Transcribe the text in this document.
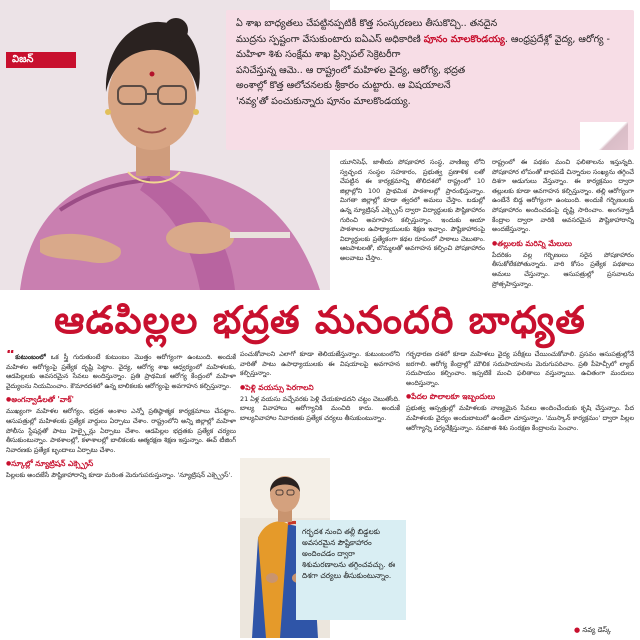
విజన్

ఏ శాఖ బాధ్యతలు చేపట్టినప్పటికీ కొత్త సంస్కరణలు తీసుకొచ్చి.. తనదైన
ముద్రను స్పష్టంగా వేసుకుంటారు ఐఏఎస్ అధికారిణి పూనం మాలకొండయ్య. ఆంధ్రప్రదేశ్లో వైద్య, ఆరోగ్య - మహిళా శిశు సంక్షేమ శాఖ ప్రిన్సిపల్ సెక్రెటరీగా
పనిచేస్తున్న ఆమె.. ఆ రాష్ట్రంలో మహిళల వైద్య, ఆరోగ్య, భద్రత
అంశాల్లో కొత్త ఆలోచనలకు శ్రీకారం చుట్టారు. ఆ విషయాలనే
'నవ్య'తో పంచుకున్నారు పూనం మాలకొండయ్య.

యూనిసెఫ్, జాతీయ పోషకాహార సంస్థ, వాణిజ్య లోని స్వచ్ఛంద సంస్థల సహకారం, ప్రభుత్వ ప్రణాళిక లతో చేపట్టిన ఈ కార్యక్రమాన్ని తొలిదశలో రాష్ట్రంలో 10 జిల్లాల్లోని 100 ప్రాథమిక పాఠశాలల్లో ప్రారంభిస్తున్నాం. మిగతా జిల్లాల్లో కూడా త్వరలో అమలు చేస్తాం. బడుల్లో ఉన్న న్యూట్రిషన్ ఎక్స్ప్రెస్ ద్వారా విద్యార్థులకు పౌష్టికాహారం గురించి అవగాహన కల్పిస్తున్నాం. ఇందుకు ఆయా పాఠశాలల ఉపాధ్యాయులకు శిక్షణ ఇచ్చాం. పౌష్టికాహారంపై విద్యార్థులకు ప్రత్యేకంగా కథల రూపంలో పాఠాలు చెబుతాం. ఆటపాటలతో, బొమ్మలతో అవగాహన కల్పించి పోషకాహారం అలవాటు చేస్తాం.
రాష్ట్రంలో ఈ పథకం మంచి ఫలితాలను ఇస్తున్నది. పోషకాహార లోపంతో బాధపడే చిన్నారుల సంఖ్యను తగ్గించే దిశగా అడుగులు వేస్తున్నాం. ఈ కార్యక్రమం ద్వారా తల్లులకు కూడా అవగాహన కల్పిస్తున్నాం. తల్లి ఆరోగ్యంగా ఉంటేనే బిడ్డ ఆరోగ్యంగా ఉంటుంది. అందుకే గర్భిణులకు పోషకాహారం అందించడంపై దృష్టి సారించాం. అంగన్వాడీ కేంద్రాల ద్వారా వారికి అవసరమైన పౌష్టికాహారాన్ని అందజేస్తున్నాం.
● తల్లులకు మరిన్ని మేలులు
పేదరికం వల్ల గర్భిణులు సరైన పోషకాహారం తీసుకోలేకపోతున్నారు. వారి కోసం ప్రత్యేక పథకాలు అమలు చేస్తున్నాం. ఆసుపత్రుల్లో ప్రసవాలను ప్రోత్సహిస్తున్నాం.
ఆడపిల్లల భద్రత మనందరి బాధ్యత
“కుటుంబంలో ఒక స్త్రీ గురుతుంటే కుటుంబం మొత్తం ఆరోగ్యంగా ఉంటుంది. అందుకే మహిళల ఆరోగ్యంపై ప్రత్యేక దృష్టి పెట్టాం. వైద్య, ఆరోగ్య శాఖ ఆధ్వర్యంలో మహిళలకు, ఆడపిల్లలకు అవసరమైన సేవలు అందిస్తున్నాం. ప్రతి ప్రాథమిక ఆరోగ్య కేంద్రంలో మహిళా వైద్యులను నియమించాం. కౌమారదశలో ఉన్న బాలికలకు ఆరోగ్యంపై అవగాహన కల్పిస్తున్నాం.
● అంగన్వాడీలతో 'వాక్'
ముఖ్యంగా మహిళల ఆరోగ్యం, భద్రత అంశాల ఎన్నో ప్రతిష్ఠాత్మక కార్యక్రమాలు చేపట్టాం. ఆసుపత్రుల్లో మహిళలకు ప్రత్యేక వార్డులు ఏర్పాటు చేశాం. రాష్ట్రంలోని అన్ని జిల్లాల్లో మహిళా పోలీసు స్టేషన్లతో పాటు హెల్ప్లైన్లు ఏర్పాటు చేశాం. ఆడపిల్లల భద్రతకు ప్రత్యేక చర్యలు తీసుకుంటున్నాం. పాఠశాలల్లో, కళాశాలల్లో బాలికలకు ఆత్మరక్షణ శిక్షణ ఇస్తున్నాం. ఈవ్ టీజింగ్ నివారణకు ప్రత్యేక బృందాలు ఏర్పాటు చేశాం.
● స్కూల్లో న్యూట్రిషన్ ఎక్స్ప్రెస్
పిల్లలకు అందజేసే పౌష్టికాహారాన్ని కూడా మరింత మెరుగుపరుస్తున్నాం. 'న్యూట్రిషన్ ఎక్స్ప్రెస్'.
పంచుకోవాలని ఎలాగో కూడా తెలియజేస్తున్నాం. కుటుంబంలోని వారితో పాటు ఉపాధ్యాయులకు ఈ విషయాలపై అవగాహన కల్పిస్తున్నాం.
● పెళ్లి వయస్సు పెరగాలని
21 ఏళ్ల వయసు వచ్చేవరకు పెళ్లి చేయకూడదని చట్టం చెబుతోంది. బాల్య వివాహాలు ఆరోగ్యానికి మంచిది కాదు. అందుకే బాల్యవివాహాల నివారణకు ప్రత్యేక చర్యలు తీసుకుంటున్నాం.
గర్భదశ నుంచి తల్లీ బిడ్డలకు అవసరమైన పౌష్టికాహారం అందించడం ద్వారా శిశుమరణాలను తగ్గించవచ్చు. ఈ దిశగా చర్యలు తీసుకుంటున్నాం.
గర్భధారణ దశలో కూడా మహిళలు వైద్య పరీక్షలు చేయించుకోవాలి. ప్రసవం ఆసుపత్రుల్లోనే జరగాలి. ఆరోగ్య కేంద్రాల్లో మౌలిక సదుపాయాలను మెరుగుపరిచాం. ప్రతి పీహెచ్సీలో ల్యాబ్ సదుపాయం కల్పించాం. ఇప్పటికే మంచి ఫలితాలు వస్తున్నాయి. ఉచితంగా మందులు అందిస్తున్నాం.
● పేదల పొలాలకూ ఇబ్బందులు
ప్రభుత్వ ఆస్పత్రుల్లో మహిళలకు నాణ్యమైన సేవలు అందించేందుకు కృషి చేస్తున్నాం. పేద మహిళలకు వైద్యం అందుబాటులో ఉండేలా చూస్తున్నాం. 'ముస్కాన్ కార్యక్రమం' ద్వారా పిల్లల ఆరోగ్యాన్ని పర్యవేక్షిస్తున్నాం. నవజాత శిశు సంరక్షణ కేంద్రాలను పెంచాం.
● నవ్య డెస్క్
